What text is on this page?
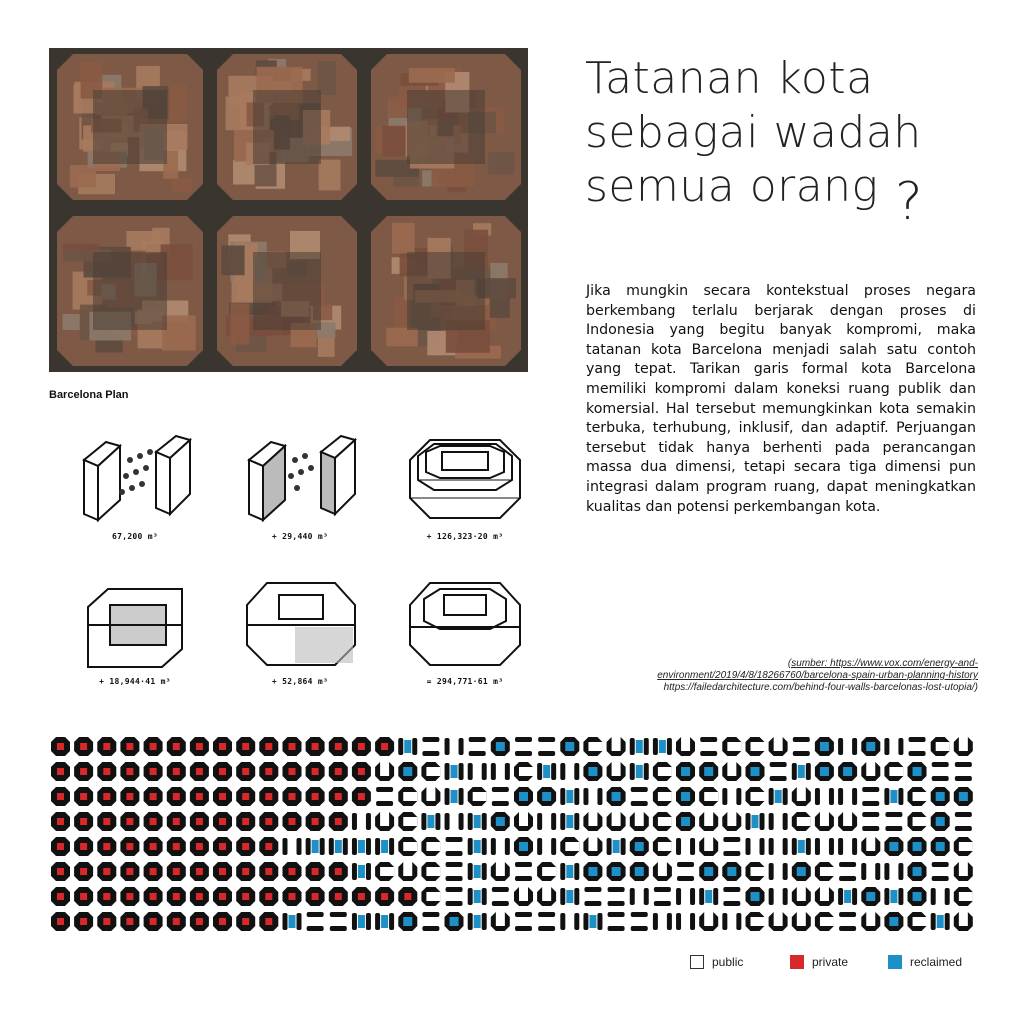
Barcelona Plan
67,200 m³	+ 29,440 m³	+ 126,323·20 m³
+ 18,944·41 m³	+ 52,864 m³	= 294,771·61 m³
Tatanan kota
sebagai wadah
semua orang ?
Jika mungkin secara kontekstual proses negara berkembang terlalu berjarak dengan proses di Indonesia yang begitu banyak kompromi, maka tatanan kota Barcelona menjadi salah satu contoh yang tepat. Tarikan garis formal kota Barcelona memiliki kompromi dalam koneksi ruang publik dan komersial. Hal tersebut memungkinkan kota semakin terbuka, terhubung, inklusif, dan adaptif. Perjuangan tersebut tidak hanya berhenti pada perancangan massa dua dimensi, tetapi secara tiga dimensi pun integrasi dalam program ruang, dapat meningkatkan kualitas dan potensi perkembangan kota.
(sumber: https://www.vox.com/energy-and-
environment/2019/4/8/18266760/barcelona-spain-urban-planning-history
https://failedarchitecture.com/behind-four-walls-barcelonas-lost-utopia/)
public	private	reclaimed
